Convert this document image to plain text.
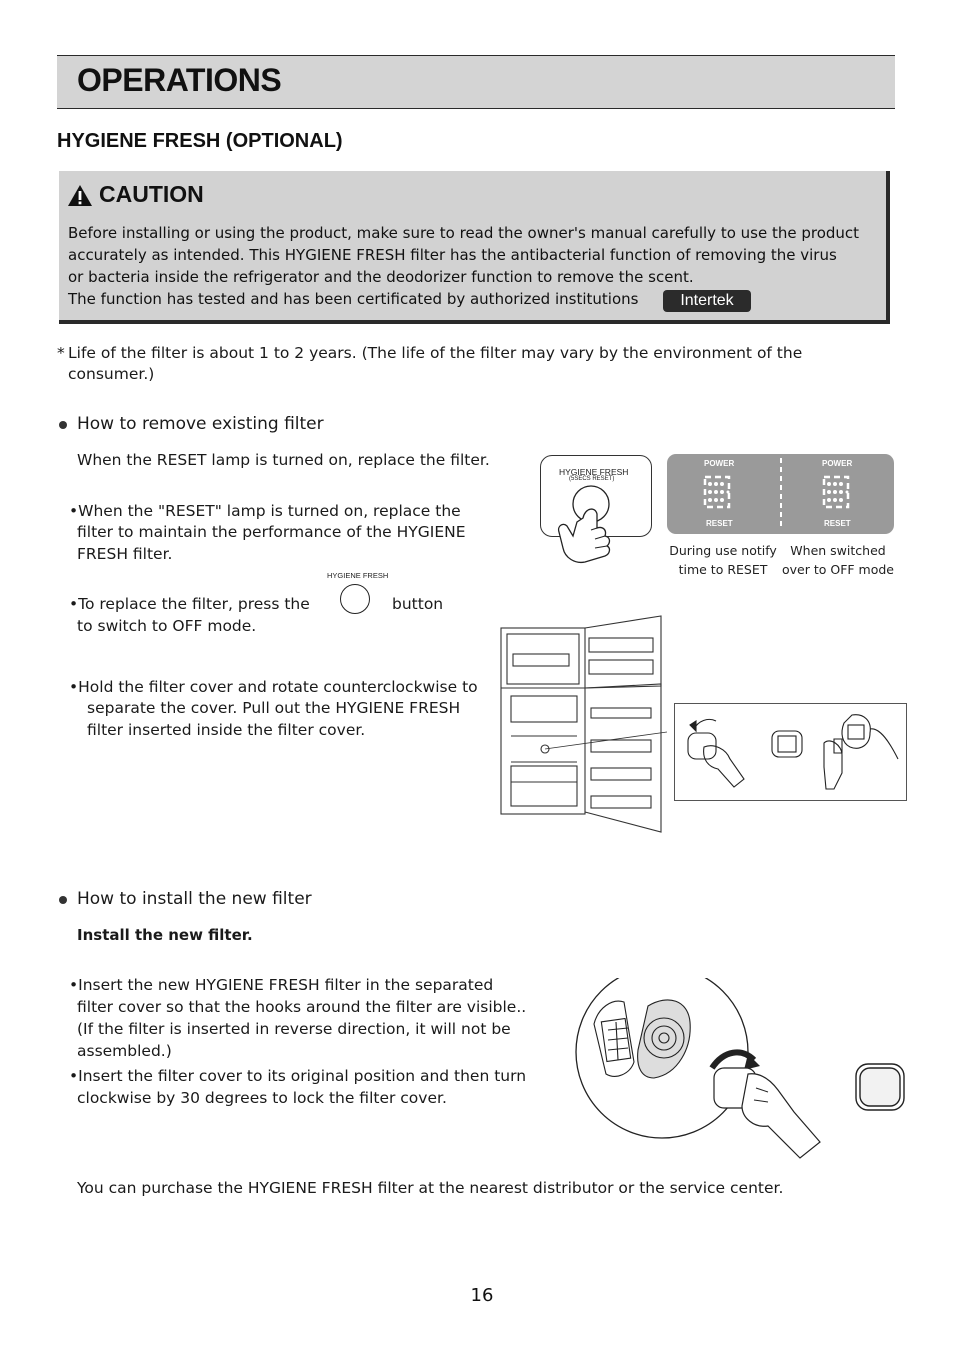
OPERATIONS
HYGIENE FRESH (OPTIONAL)
CAUTION
Before installing or using the product, make sure to read the owner's manual carefully to use the product
accurately as intended. This HYGIENE FRESH filter has the antibacterial function of removing the virus
or bacteria inside the refrigerator and the deodorizer function to remove the scent.
The function has tested and has been certificated by authorized institutions	Intertek
* Life of the filter is about 1 to 2 years. (The life of the filter may vary by the environment of the
consumer.)
How to remove existing filter
When the RESET lamp is turned on, replace the filter.
•When the "RESET" lamp is turned on, replace the
filter to maintain the performance of the HYGIENE
FRESH filter.
•To replace the filter, press the
HYGIENE FRESH
button
to switch to OFF mode.
•Hold the filter cover and rotate counterclockwise to
separate the cover. Pull out the HYGIENE FRESH
filter inserted inside the filter cover.
HYGIENE FRESH
(5SECS RESET)
POWER	POWER
RESET	RESET
During use notify
time to RESET
When switched
over to OFF mode
How to install the new filter
Install the new filter.
•Insert the new HYGIENE FRESH filter in the separated
filter cover so that the hooks around the filter are visible..
(If the filter is inserted in reverse direction, it will not be
assembled.)
•Insert the filter cover to its original position and then turn
clockwise by 30 degrees to lock the filter cover.
You can purchase the HYGIENE FRESH filter at the nearest distributor or the service center.
16
